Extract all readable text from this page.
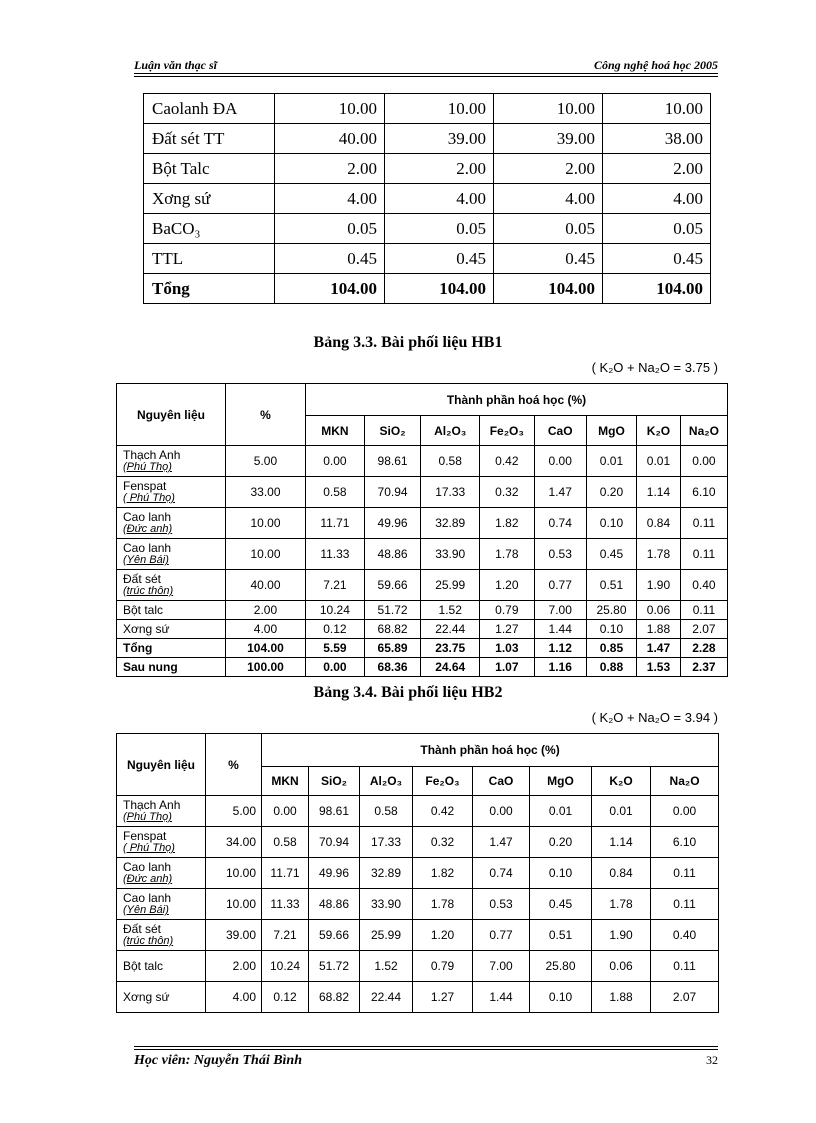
Luận văn thạc sĩ	Công nghệ hoá học 2005
Caolanh ĐA	10.00	10.00	10.00	10.00
Đất sét TT	40.00	39.00	39.00	38.00
Bột Talc	2.00	2.00	2.00	2.00
Xơng sứ	4.00	4.00	4.00	4.00
BaCO₃	0.05	0.05	0.05	0.05
TTL	0.45	0.45	0.45	0.45
Tổng	104.00	104.00	104.00	104.00
Bảng 3.3. Bài phối liệu HB1
( K₂O + Na₂O = 3.75 )
Nguyên liệu	%	Thành phần hoá học (%)							
		MKN	SiO₂	Al₂O₃	Fe₂O₃	CaO	MgO	K₂O	Na₂O
Thạch Anh
(Phú Thọ)	5.00	0.00	98.61	0.58	0.42	0.00	0.01	0.01	0.00
Fenspat
( Phú Thọ)	33.00	0.58	70.94	17.33	0.32	1.47	0.20	1.14	6.10
Cao lanh
(Đức anh)	10.00	11.71	49.96	32.89	1.82	0.74	0.10	0.84	0.11
Cao lanh
(Yên Bái)	10.00	11.33	48.86	33.90	1.78	0.53	0.45	1.78	0.11
Đất sét
(trúc thôn)	40.00	7.21	59.66	25.99	1.20	0.77	0.51	1.90	0.40
Bột talc	2.00	10.24	51.72	1.52	0.79	7.00	25.80	0.06	0.11
Xơng sứ	4.00	0.12	68.82	22.44	1.27	1.44	0.10	1.88	2.07
Tổng	104.00	5.59	65.89	23.75	1.03	1.12	0.85	1.47	2.28
Sau nung	100.00	0.00	68.36	24.64	1.07	1.16	0.88	1.53	2.37
Bảng 3.4. Bài phối liệu HB2
( K₂O + Na₂O = 3.94 )
Nguyên liệu	%	Thành phần hoá học (%)							
		MKN	SiO₂	Al₂O₃	Fe₂O₃	CaO	MgO	K₂O	Na₂O
Thạch Anh
(Phú Thọ)	5.00	0.00	98.61	0.58	0.42	0.00	0.01	0.01	0.00
Fenspat
( Phú Thọ)	34.00	0.58	70.94	17.33	0.32	1.47	0.20	1.14	6.10
Cao lanh
(Đức anh)	10.00	11.71	49.96	32.89	1.82	0.74	0.10	0.84	0.11
Cao lanh
(Yên Bái)	10.00	11.33	48.86	33.90	1.78	0.53	0.45	1.78	0.11
Đất sét
(trúc thôn)	39.00	7.21	59.66	25.99	1.20	0.77	0.51	1.90	0.40
Bột talc	2.00	10.24	51.72	1.52	0.79	7.00	25.80	0.06	0.11
Xơng sứ	4.00	0.12	68.82	22.44	1.27	1.44	0.10	1.88	2.07
Học viên: Nguyễn Thái Bình	32
